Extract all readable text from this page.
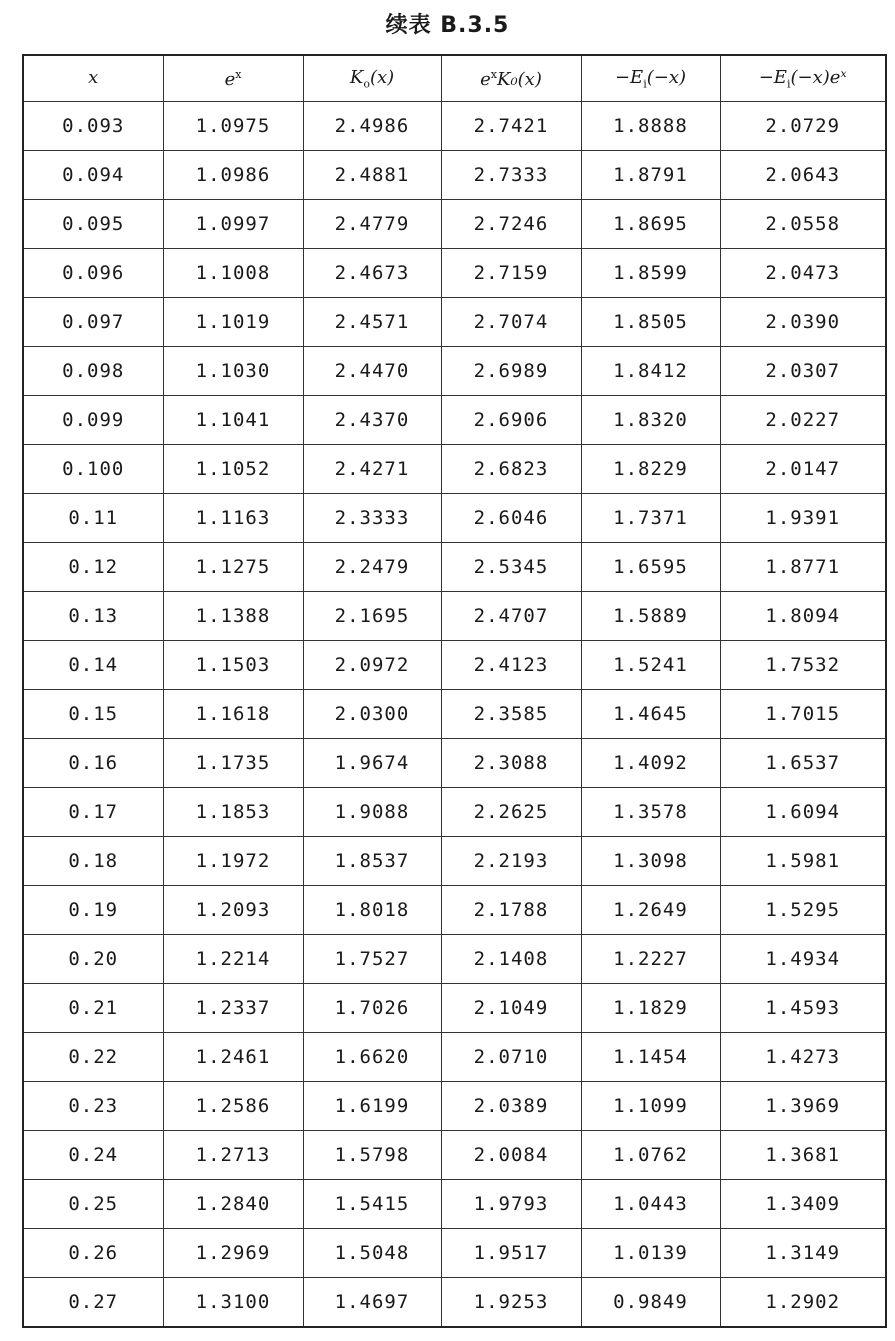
续表 B.3.5
x	$e^x$	$K_o(x)$	$e^xK_0(x)$	$-E_i(-x)$	$-E_i(-x)eˣ$
0.093	1.0975	2.4986	2.7421	1.8888	2.0729
0.094	1.0986	2.4881	2.7333	1.8791	2.0643
0.095	1.0997	2.4779	2.7246	1.8695	2.0558
0.096	1.1008	2.4673	2.7159	1.8599	2.0473
0.097	1.1019	2.4571	2.7074	1.8505	2.0390
0.098	1.1030	2.4470	2.6989	1.8412	2.0307
0.099	1.1041	2.4370	2.6906	1.8320	2.0227
0.100	1.1052	2.4271	2.6823	1.8229	2.0147
0.11	1.1163	2.3333	2.6046	1.7371	1.9391
0.12	1.1275	2.2479	2.5345	1.6595	1.8771
0.13	1.1388	2.1695	2.4707	1.5889	1.8094
0.14	1.1503	2.0972	2.4123	1.5241	1.7532
0.15	1.1618	2.0300	2.3585	1.4645	1.7015
0.16	1.1735	1.9674	2.3088	1.4092	1.6537
0.17	1.1853	1.9088	2.2625	1.3578	1.6094
0.18	1.1972	1.8537	2.2193	1.3098	1.5981
0.19	1.2093	1.8018	2.1788	1.2649	1.5295
0.20	1.2214	1.7527	2.1408	1.2227	1.4934
0.21	1.2337	1.7026	2.1049	1.1829	1.4593
0.22	1.2461	1.6620	2.0710	1.1454	1.4273
0.23	1.2586	1.6199	2.0389	1.1099	1.3969
0.24	1.2713	1.5798	2.0084	1.0762	1.3681
0.25	1.2840	1.5415	1.9793	1.0443	1.3409
0.26	1.2969	1.5048	1.9517	1.0139	1.3149
0.27	1.3100	1.4697	1.9253	0.9849	1.2902
